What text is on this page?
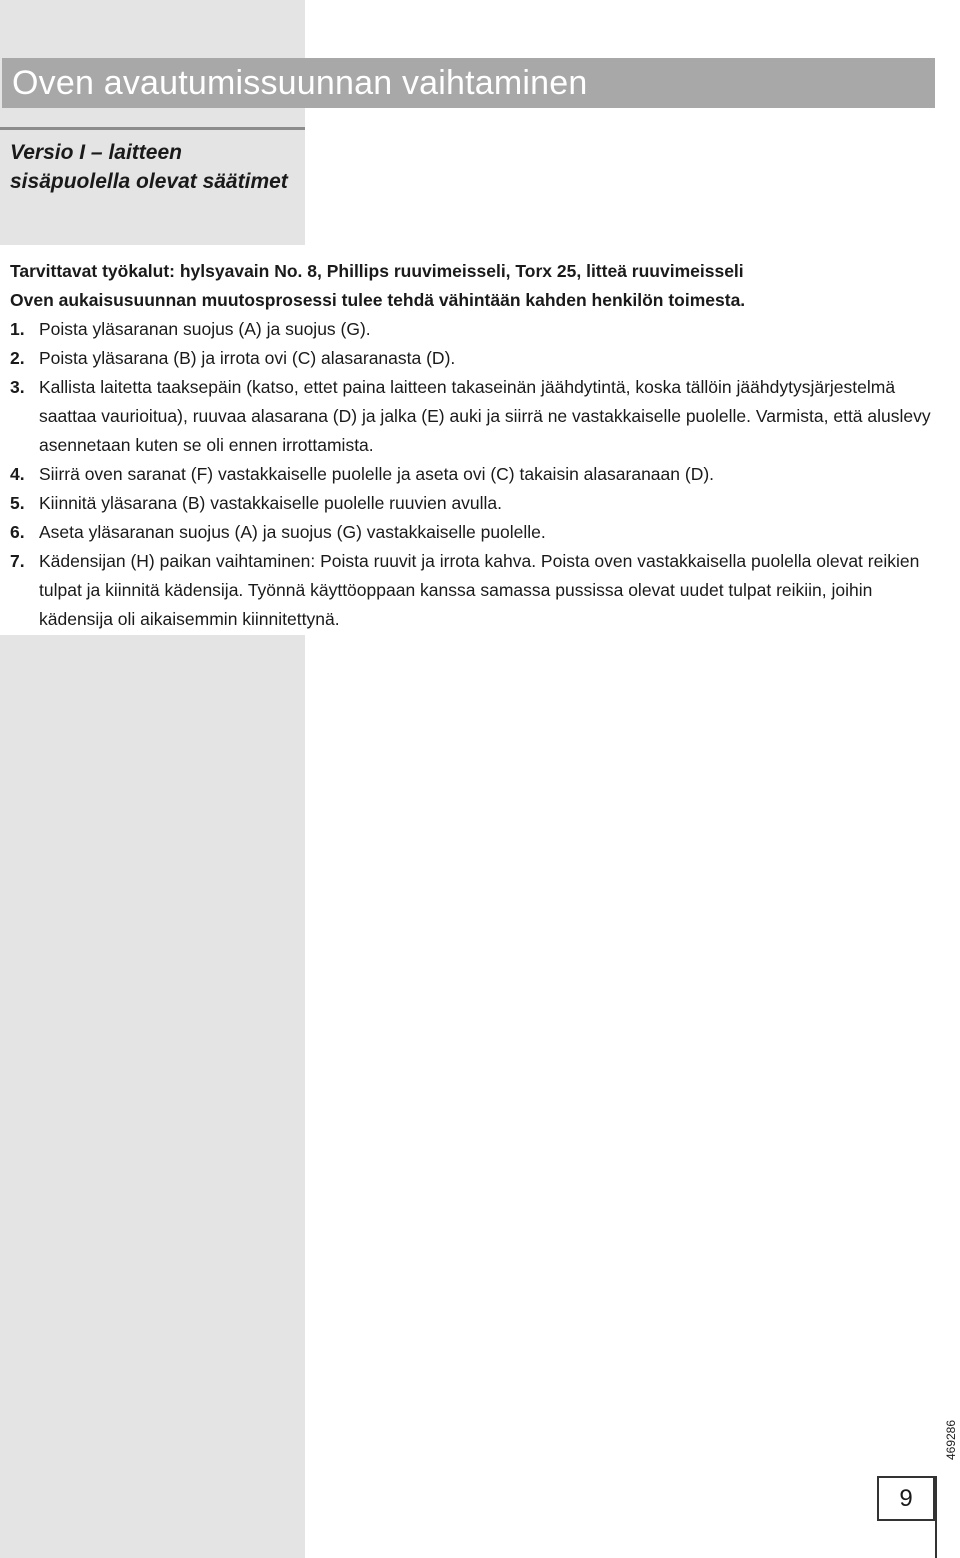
Oven avautumissuunnan vaihtaminen
Versio I – laitteen sisäpuolella olevat säätimet
Tarvittavat työkalut: hylsyavain No. 8, Phillips ruuvimeisseli, Torx 25, litteä ruuvimeisseli
Oven aukaisusuunnan muutosprosessi tulee tehdä vähintään kahden henkilön toimesta.
1. Poista yläsaranan suojus (A) ja suojus (G).
2. Poista yläsarana (B) ja irrota ovi (C) alasaranasta (D).
3. Kallista laitetta taaksepäin (katso, ettet paina laitteen takaseinän jäähdytintä, koska tällöin jäähdytysjärjestelmä saattaa vaurioitua), ruuvaa alasarana (D) ja jalka (E) auki ja siirrä ne vastakkaiselle puolelle. Varmista, että aluslevy asennetaan kuten se oli ennen irrottamista.
4. Siirrä oven saranat (F) vastakkaiselle puolelle ja aseta ovi (C) takaisin alasaranaan (D).
5. Kiinnitä yläsarana (B) vastakkaiselle puolelle ruuvien avulla.
6. Aseta yläsaranan suojus (A) ja suojus (G) vastakkaiselle puolelle.
7. Kädensijan (H) paikan vaihtaminen: Poista ruuvit ja irrota kahva. Poista oven vastakkaisella puolella olevat reikien tulpat ja kiinnitä kädensija. Työnnä käyttöoppaan kanssa samassa pussissa olevat uudet tulpat reikiin, joihin kädensija oli aikaisemmin kiinnitettynä.
469286
9
